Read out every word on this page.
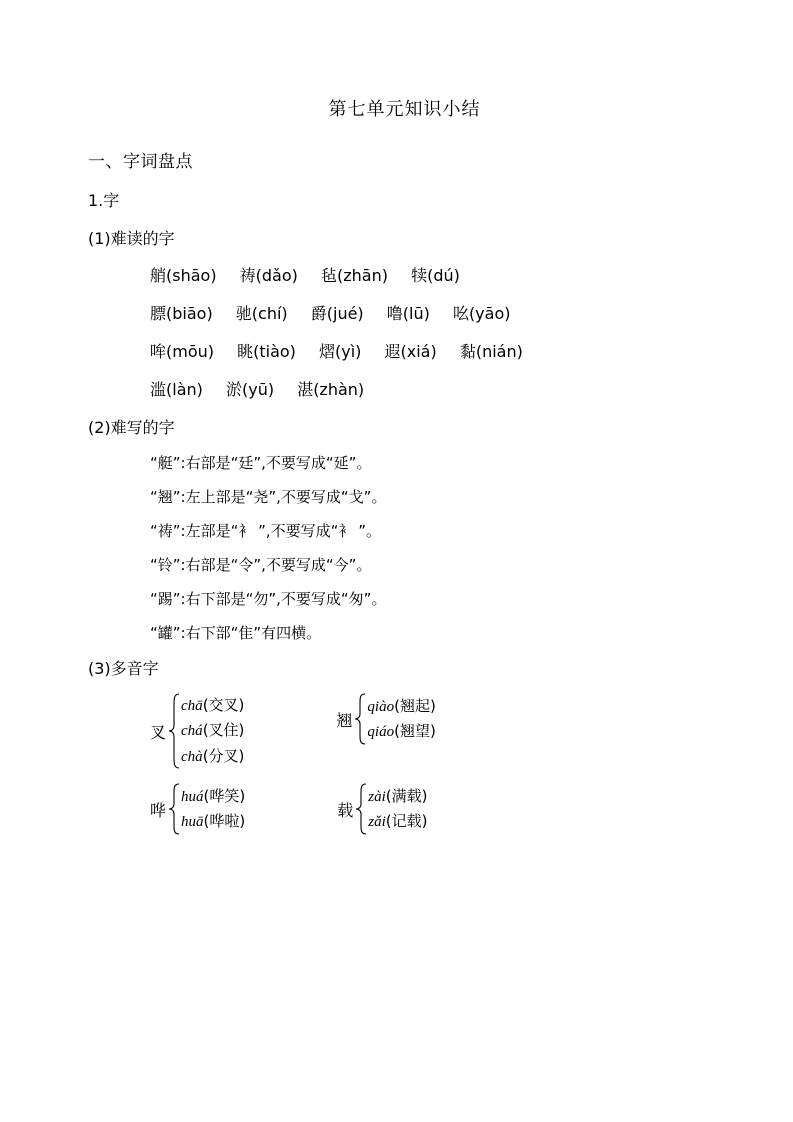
第七单元知识小结
一、字词盘点
1.字
(1)难读的字
艄(shāo) 祷(dǎo) 毡(zhān) 犊(dú)
膘(biāo) 驰(chí) 爵(jué) 噜(lū) 吆(yāo)
哞(mōu) 眺(tiào) 熠(yì) 遐(xiá) 黏(nián)
滥(làn) 淤(yū) 湛(zhàn)
(2)难写的字
“艇”:右部是“廷”,不要写成“延”。
“翘”:左上部是“尧”,不要写成“戈”。
“祷”:左部是“衤 ”,不要写成“衤 ”。
“铃”:右部是“令”,不要写成“今”。
“踢”:右下部是“勿”,不要写成“匆”。
“罐”:右下部“隹”有四横。
(3)多音字
叉
chā(交叉)
chá(叉住)
chà(分叉)
翘
qiào(翘起)
qiáo(翘望)
哗
huá(哗笑)
huā(哗啦)
载
zài(满载)
zǎi(记载)
